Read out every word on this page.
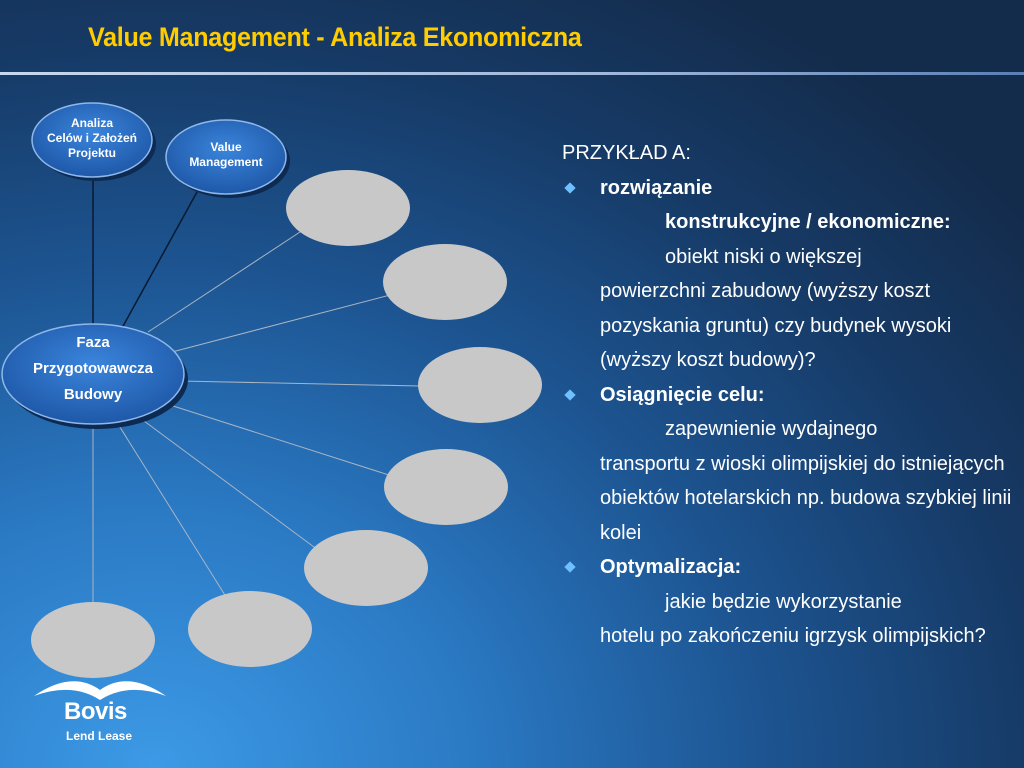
Value Management - Analiza Ekonomiczna
Analiza
Celów i Założeń
Projektu	Value
Management
Faza
Przygotowawcza
Budowy
PRZYKŁAD A:
rozwiązanie

konstrukcyjne / ekonomiczne:
obiekt niski o większej
powierzchni zabudowy (wyższy koszt pozyskania gruntu) czy budynek wysoki (wyższy koszt budowy)?
Osiągnięcie celu:

zapewnienie wydajnego
transportu z wioski olimpijskiej do istniejących obiektów hotelarskich np. budowa szybkiej linii kolei
Optymalizacja:

jakie będzie wykorzystanie
hotelu po zakończeniu igrzysk olimpijskich?
Bovis
Lend Lease
